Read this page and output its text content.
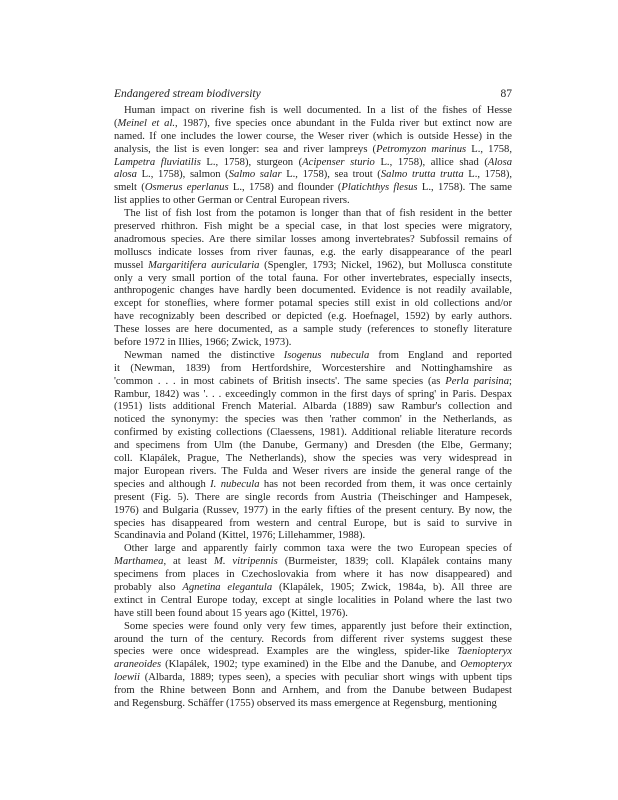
Endangered stream biodiversity	87
Human impact on riverine fish is well documented. In a list of the fishes of Hesse
(Meinel et al., 1987), five species once abundant in the Fulda river but extinct now are
named. If one includes the lower course, the Weser river (which is outside Hesse) in the
analysis, the list is even longer: sea and river lampreys (Petromyzon marinus L., 1758,
Lampetra fluviatilis L., 1758), sturgeon (Acipenser sturio L., 1758), allice shad (Alosa
alosa L., 1758), salmon (Salmo salar L., 1758), sea trout (Salmo trutta trutta L., 1758),
smelt (Osmerus eperlanus L., 1758) and flounder (Platichthys flesus L., 1758). The same
list applies to other German or Central European rivers.
The list of fish lost from the potamon is longer than that of fish resident in the better
preserved rhithron. Fish might be a special case, in that lost species were migratory,
anadromous species. Are there similar losses among invertebrates? Subfossil remains of
molluscs indicate losses from river faunas, e.g. the early disappearance of the pearl
mussel Margaritifera auricularia (Spengler, 1793; Nickel, 1962), but Mollusca constitute
only a very small portion of the total fauna. For other invertebrates, especially insects,
anthropogenic changes have hardly been documented. Evidence is not readily available,
except for stoneflies, where former potamal species still exist in old collections and/or
have recognizably been described or depicted (e.g. Hoefnagel, 1592) by early authors.
These losses are here documented, as a sample study (references to stonefly literature
before 1972 in Illies, 1966; Zwick, 1973).
Newman named the distinctive Isogenus nubecula from England and reported
it (Newman, 1839) from Hertfordshire, Worcestershire and Nottinghamshire as
'common . . . in most cabinets of British insects'. The same species (as Perla parisina;
Rambur, 1842) was '. . . exceedingly common in the first days of spring' in Paris. Despax
(1951) lists additional French Material. Albarda (1889) saw Rambur's collection and
noticed the synonymy: the species was then 'rather common' in the Netherlands, as
confirmed by existing collections (Claessens, 1981). Additional reliable literature records
and specimens from Ulm (the Danube, Germany) and Dresden (the Elbe, Germany;
coll. Klapálek, Prague, The Netherlands), show the species was very widespread in
major European rivers. The Fulda and Weser rivers are inside the general range of the
species and although I. nubecula has not been recorded from them, it was once certainly
present (Fig. 5). There are single records from Austria (Theischinger and Hampesek,
1976) and Bulgaria (Russev, 1977) in the early fifties of the present century. By now, the
species has disappeared from western and central Europe, but is said to survive in
Scandinavia and Poland (Kittel, 1976; Lillehammer, 1988).
Other large and apparently fairly common taxa were the two European species of
Marthamea, at least M. vitripennis (Burmeister, 1839; coll. Klapálek contains many
specimens from places in Czechoslovakia from where it has now disappeared) and
probably also Agnetina elegantula (Klapálek, 1905; Zwick, 1984a, b). All three are
extinct in Central Europe today, except at single localities in Poland where the last two
have still been found about 15 years ago (Kittel, 1976).
Some species were found only very few times, apparently just before their extinction,
around the turn of the century. Records from different river systems suggest these
species were once widespread. Examples are the wingless, spider-like Taeniopteryx
araneoides (Klapálek, 1902; type examined) in the Elbe and the Danube, and Oemopteryx
loewii (Albarda, 1889; types seen), a species with peculiar short wings with upbent tips
from the Rhine between Bonn and Arnhem, and from the Danube between Budapest
and Regensburg. Schäffer (1755) observed its mass emergence at Regensburg, mentioning
